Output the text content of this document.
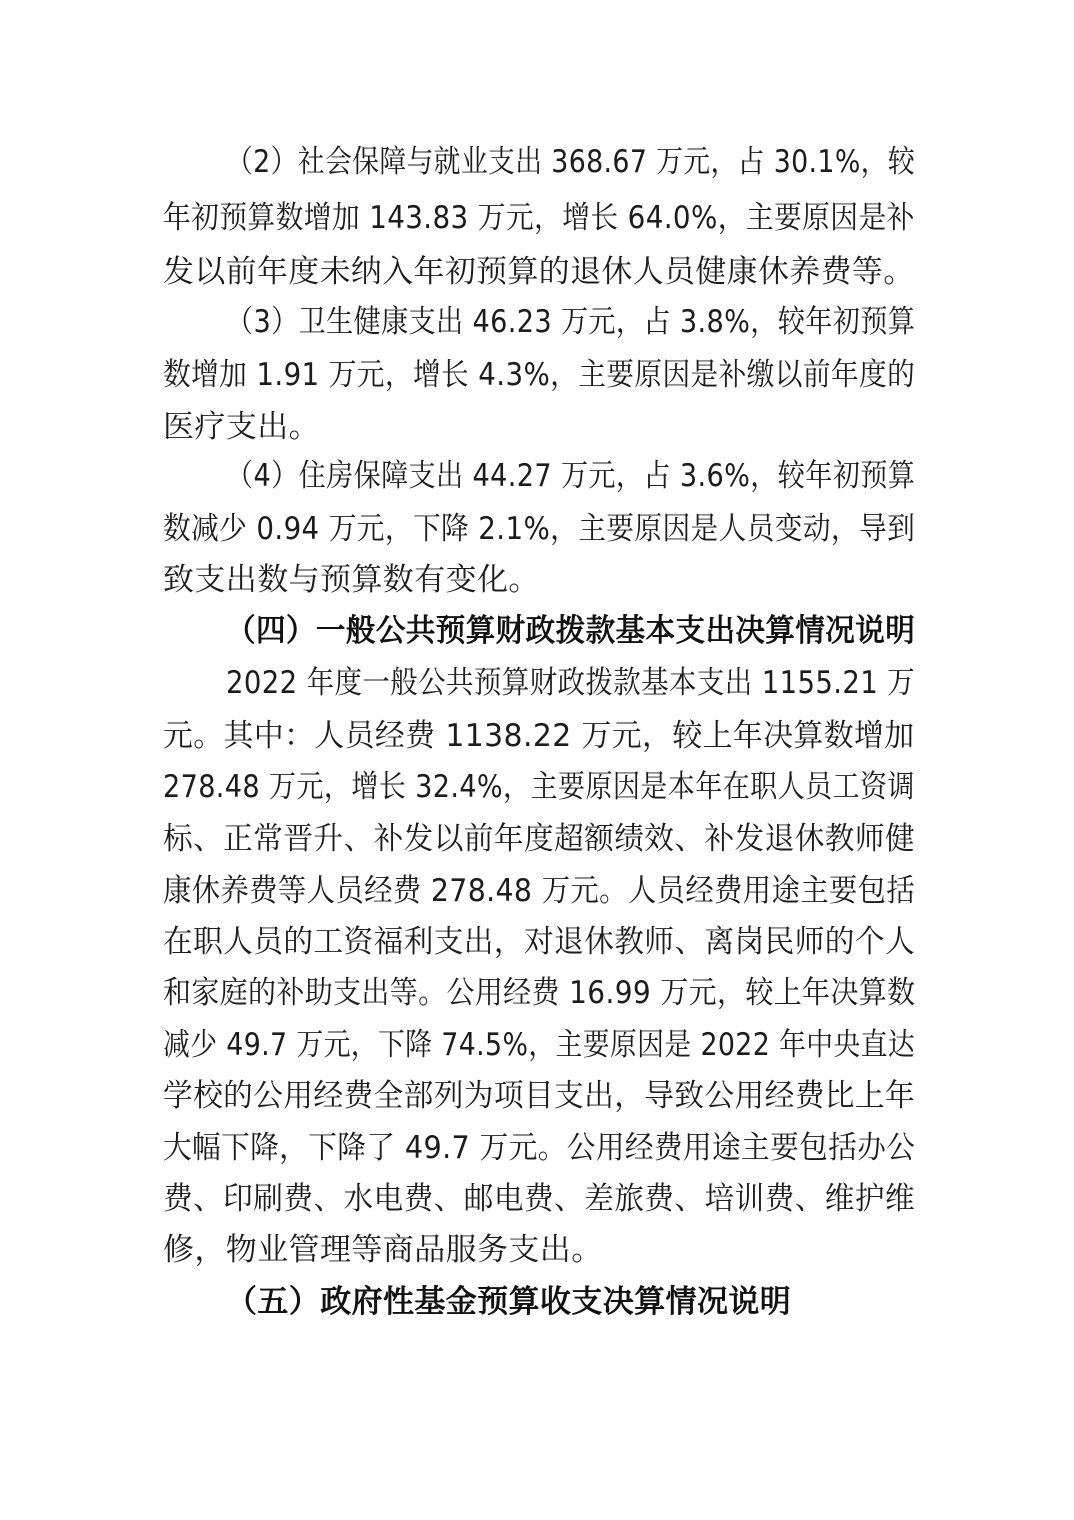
（2）社会保障与就业支出 368.67 万元，占 30.1%，较
年初预算数增加 143.83 万元，增长 64.0%，主要原因是补
发以前年度未纳入年初预算的退休人员健康休养费等。
（3）卫生健康支出 46.23 万元，占 3.8%，较年初预算
数增加 1.91 万元，增长 4.3%，主要原因是补缴以前年度的
医疗支出。
（4）住房保障支出 44.27 万元，占 3.6%，较年初预算
数减少 0.94 万元，下降 2.1%，主要原因是人员变动，导到
致支出数与预算数有变化。
（四）一般公共预算财政拨款基本支出决算情况说明
2022 年度一般公共预算财政拨款基本支出 1155.21 万
元。其中：人员经费 1138.22 万元，较上年决算数增加
278.48 万元，增长 32.4%，主要原因是本年在职人员工资调
标、正常晋升、补发以前年度超额绩效、补发退休教师健
康休养费等人员经费 278.48 万元。人员经费用途主要包括
在职人员的工资福利支出，对退休教师、离岗民师的个人
和家庭的补助支出等。公用经费 16.99 万元，较上年决算数
减少 49.7 万元，下降 74.5%，主要原因是 2022 年中央直达
学校的公用经费全部列为项目支出，导致公用经费比上年
大幅下降，下降了 49.7 万元。公用经费用途主要包括办公
费、印刷费、水电费、邮电费、差旅费、培训费、维护维
修，物业管理等商品服务支出。
（五）政府性基金预算收支决算情况说明
